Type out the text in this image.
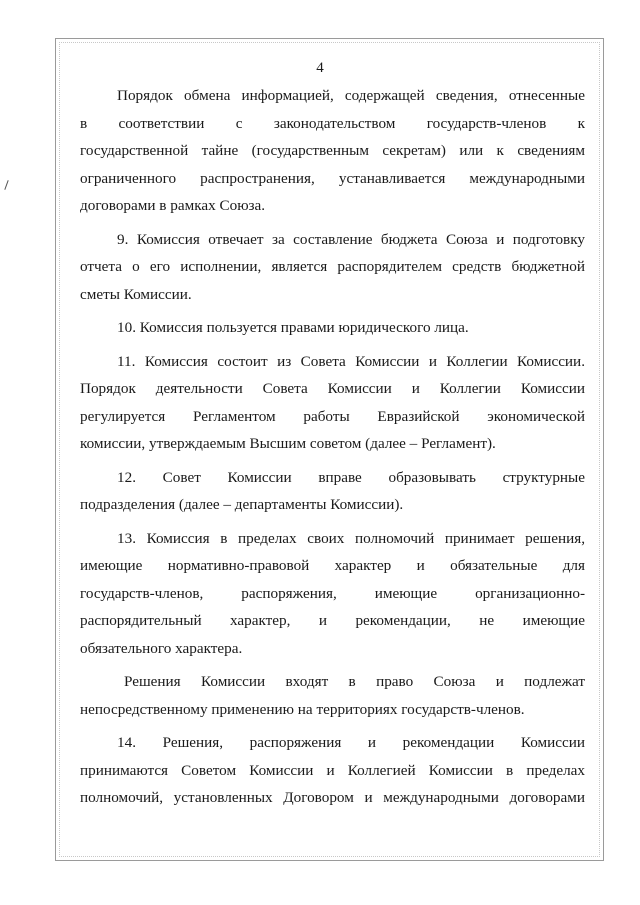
4

Порядок обмена информацией, содержащей сведения, отнесенные
в соответствии с законодательством государств-членов к
государственной тайне (государственным секретам) или к сведениям
ограниченного распространения, устанавливается международными
договорами в рамках Союза.

9. Комиссия отвечает за составление бюджета Союза и подготовку
отчета о его исполнении, является распорядителем средств бюджетной
сметы Комиссии.

10. Комиссия пользуется правами юридического лица.

11. Комиссия состоит из Совета Комиссии и Коллегии Комиссии.
Порядок деятельности Совета Комиссии и Коллегии Комиссии
регулируется Регламентом работы Евразийской экономической
комиссии, утверждаемым Высшим советом (далее – Регламент).

12. Совет Комиссии вправе образовывать структурные
подразделения (далее – департаменты Комиссии).

13. Комиссия в пределах своих полномочий принимает решения,
имеющие нормативно-правовой характер и обязательные для
государств-членов, распоряжения, имеющие организационно-
распорядительный характер, и рекомендации, не имеющие
обязательного характера.

Решения Комиссии входят в право Союза и подлежат
непосредственному применению на территориях государств-членов.

14. Решения, распоряжения и рекомендации Комиссии
принимаются Советом Комиссии и Коллегией Комиссии в пределах
полномочий, установленных Договором и международными договорами
